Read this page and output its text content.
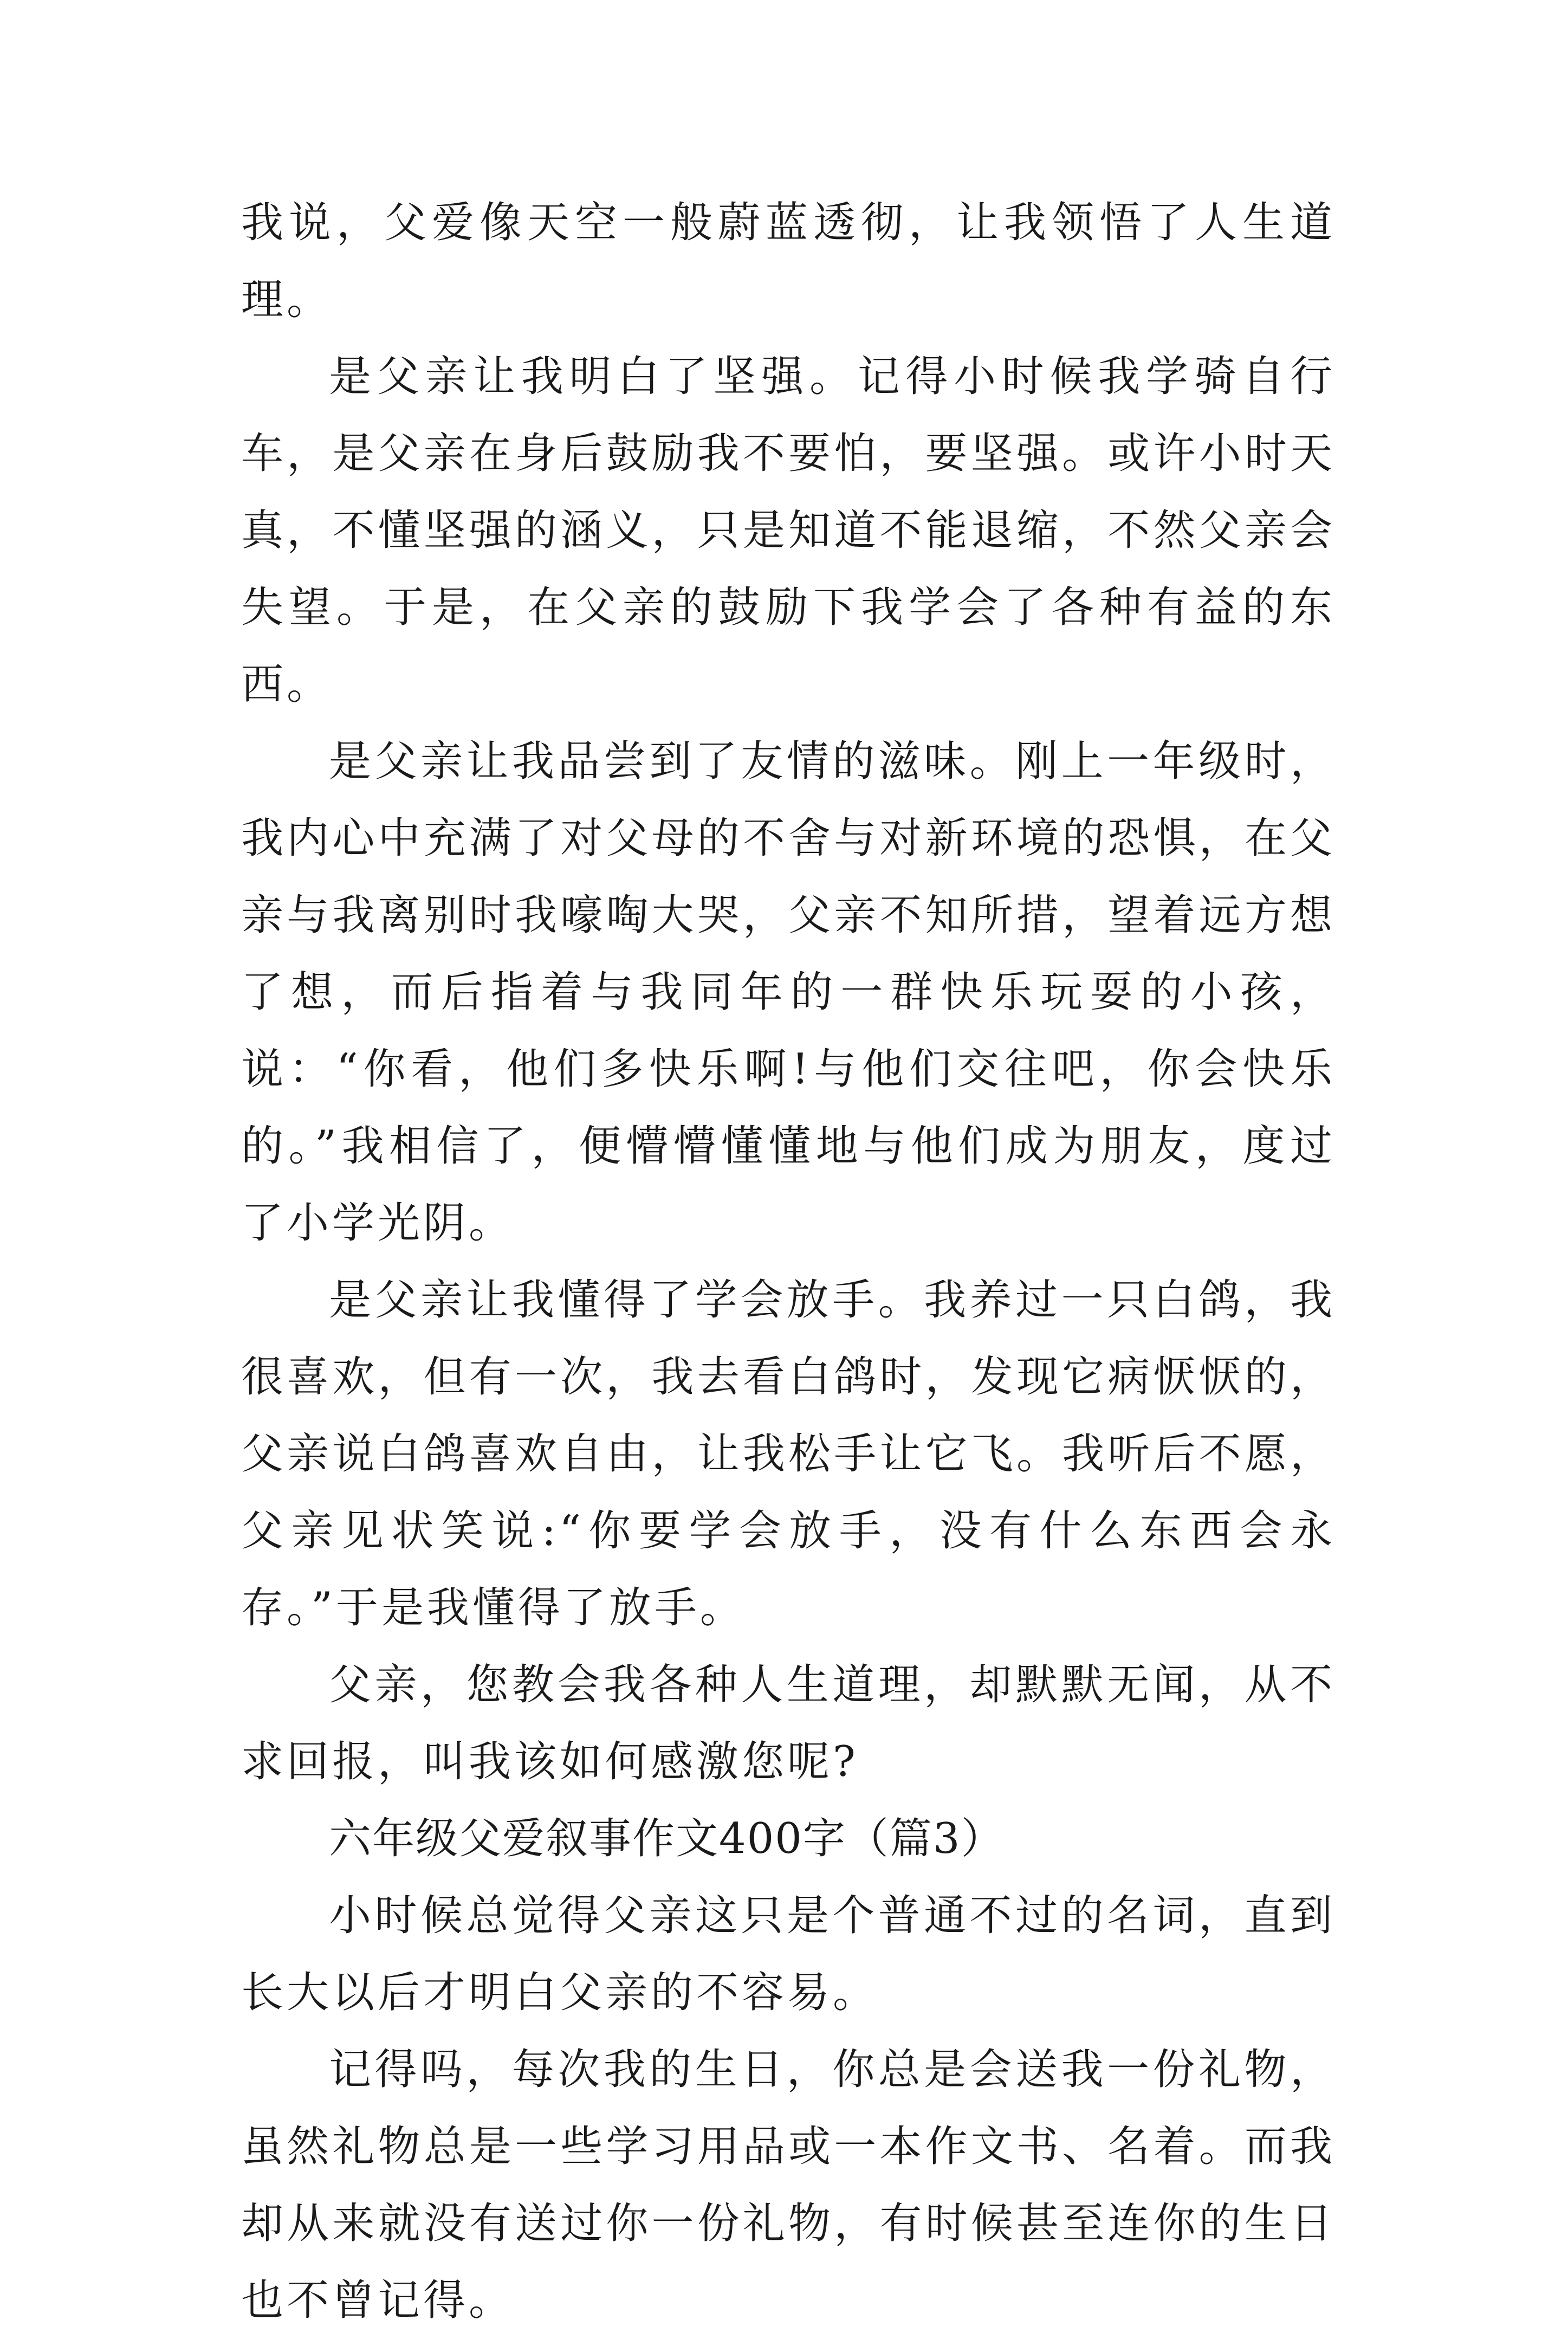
我说，父爱像天空一般蔚蓝透彻，让我领悟了人生道理。

是父亲让我明白了坚强。记得小时候我学骑自行车，是父亲在身后鼓励我不要怕，要坚强。或许小时天真，不懂坚强的涵义，只是知道不能退缩，不然父亲会失望。于是，在父亲的鼓励下我学会了各种有益的东西。

是父亲让我品尝到了友情的滋味。刚上一年级时，我内心中充满了对父母的不舍与对新环境的恐惧，在父亲与我离别时我嚎啕大哭，父亲不知所措，望着远方想了想，而后指着与我同年的一群快乐玩耍的小孩，说：“你看，他们多快乐啊!与他们交往吧，你会快乐的。”我相信了，便懵懵懂懂地与他们成为朋友，度过了小学光阴。

是父亲让我懂得了学会放手。我养过一只白鸽，我很喜欢，但有一次，我去看白鸽时，发现它病恹恹的，父亲说白鸽喜欢自由，让我松手让它飞。我听后不愿，父亲见状笑说:“你要学会放手，没有什么东西会永存。”于是我懂得了放手。

父亲，您教会我各种人生道理，却默默无闻，从不求回报，叫我该如何感激您呢?

六年级父爱叙事作文400字（篇3）

小时候总觉得父亲这只是个普通不过的名词，直到长大以后才明白父亲的不容易。

记得吗，每次我的生日，你总是会送我一份礼物，虽然礼物总是一些学习用品或一本作文书、名着。而我却从来就没有送过你一份礼物，有时候甚至连你的生日也不曾记得。
